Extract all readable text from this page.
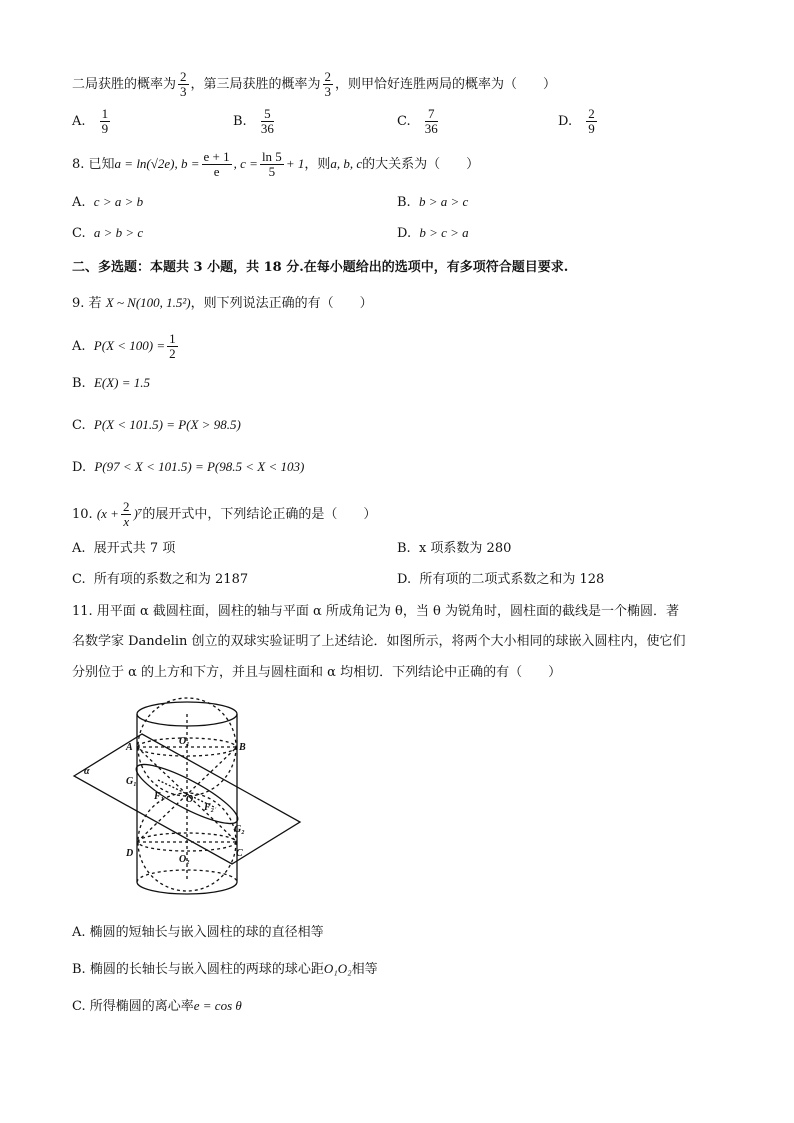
二局获胜的概率为 $\frac{2}{3}$ ，第三局获胜的概率为 $\frac{2}{3}$ ，则甲恰好连胜两局的概率为（　　）
A. $\frac{1}{9}$	B. $\frac{5}{36}$	C. $\frac{7}{36}$	D. $\frac{2}{9}$
8. 已知a = ln(√2e), $b = \frac{e + 1}{e}$ , $c = \frac{\ln 5}{5} + 1$，则a, b, c的大关系为（　　）
A. c > a > b	B. b > a > c
C. a > b > c	D. b > c > a
二、多选题：本题共 3 小题，共 18 分.在每小题给出的选项中，有多项符合题目要求.
9. 若 X ~ N(100, 1.5²)，则下列说法正确的有（　　）
A. $P(X < 100) = \frac{1}{2}$
B. E(X) = 1.5
C. P(X < 101.5) = P(X > 98.5)
D. P(97 < X < 101.5) = P(98.5 < X < 103)
10. $(x + \frac{2}{x} )^7$的展开式中，下列结论正确的是（　　）
A. 展开式共 7 项	B. x 项系数为 280
C. 所有项的系数之和为 2187	D. 所有项的二项式系数之和为 128
11. 用平面 α 截圆柱面，圆柱的轴与平面 α 所成角记为 θ，当 θ 为锐角时，圆柱面的截线是一个椭圆．著
名数学家 Dandelin 创立的双球实验证明了上述结论．如图所示，将两个大小相同的球嵌入圆柱内，使它们
分别位于 α 的上方和下方，并且与圆柱面和 α 均相切．下列结论中正确的有（　　）
A	B
O₁
G₁
F₁ O
F₂
G₂
D	C
O₂
α
A. 椭圆的短轴长与嵌入圆柱的球的直径相等
B. 椭圆的长轴长与嵌入圆柱的两球的球心距O₁O₂相等
C. 所得椭圆的离心率e = cos θ
